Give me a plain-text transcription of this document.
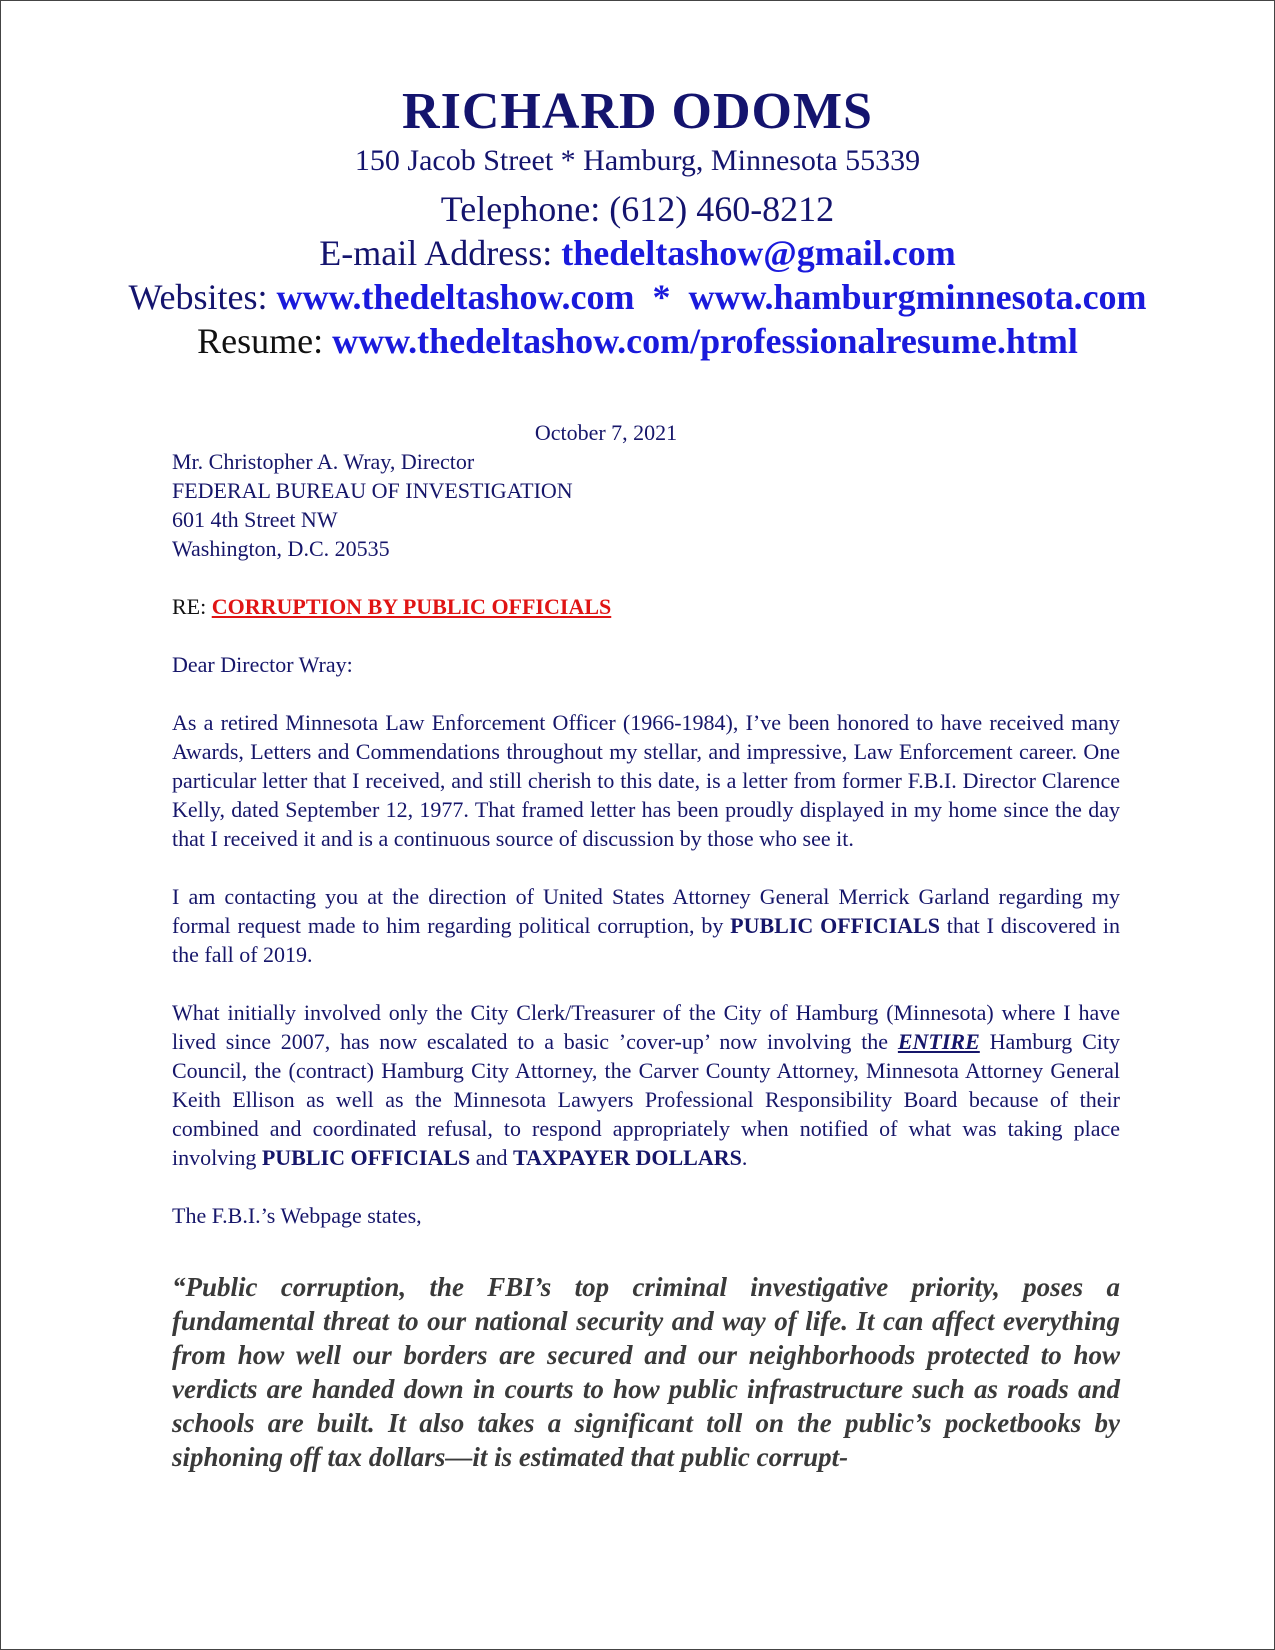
RICHARD ODOMS
150 Jacob Street * Hamburg, Minnesota 55339
Telephone: (612) 460-8212
E-mail Address: thedeltashow@gmail.com
Websites: www.thedeltashow.com  *  www.hamburgminnesota.com
Resume: www.thedeltashow.com/professionalresume.html
October 7, 2021
Mr. Christopher A. Wray, Director
FEDERAL BUREAU OF INVESTIGATION
601 4th Street NW
Washington, D.C. 20535
RE: CORRUPTION BY PUBLIC OFFICIALS
Dear Director Wray:

As a retired Minnesota Law Enforcement Officer (1966-1984), I’ve been honored to have received many Awards, Letters and Commendations throughout my stellar, and impressive, Law Enforcement career. One particular letter that I received, and still cherish to this date, is a letter from former F.B.I. Director Clarence Kelly, dated September 12, 1977. That framed letter has been proudly displayed in my home since the day that I received it and is a continuous source of discussion by those who see it.

I am contacting you at the direction of United States Attorney General Merrick Garland regarding my formal request made to him regarding political corruption, by PUBLIC OFFICIALS that I discovered in the fall of 2019.

What initially involved only the City Clerk/Treasurer of the City of Hamburg (Minnesota) where I have lived since 2007, has now escalated to a basic ’cover-up’ now involving the ENTIRE Hamburg City Council, the (contract) Hamburg City Attorney, the Carver County Attorney, Minnesota Attorney General Keith Ellison as well as the Minnesota Lawyers Professional Responsibility Board because of their combined and coordinated refusal, to respond appropriately when notified of what was taking place involving PUBLIC OFFICIALS and TAXPAYER DOLLARS.

The F.B.I.’s Webpage states,

“Public corruption, the FBI’s top criminal investigative priority, poses a fundamental threat to our national security and way of life. It can affect everything from how well our borders are secured and our neighborhoods protected to how verdicts are handed down in courts to how public infrastructure such as roads and schools are built. It also takes a significant toll on the public’s pocketbooks by siphoning off tax dollars—it is estimated that public corrupt-
